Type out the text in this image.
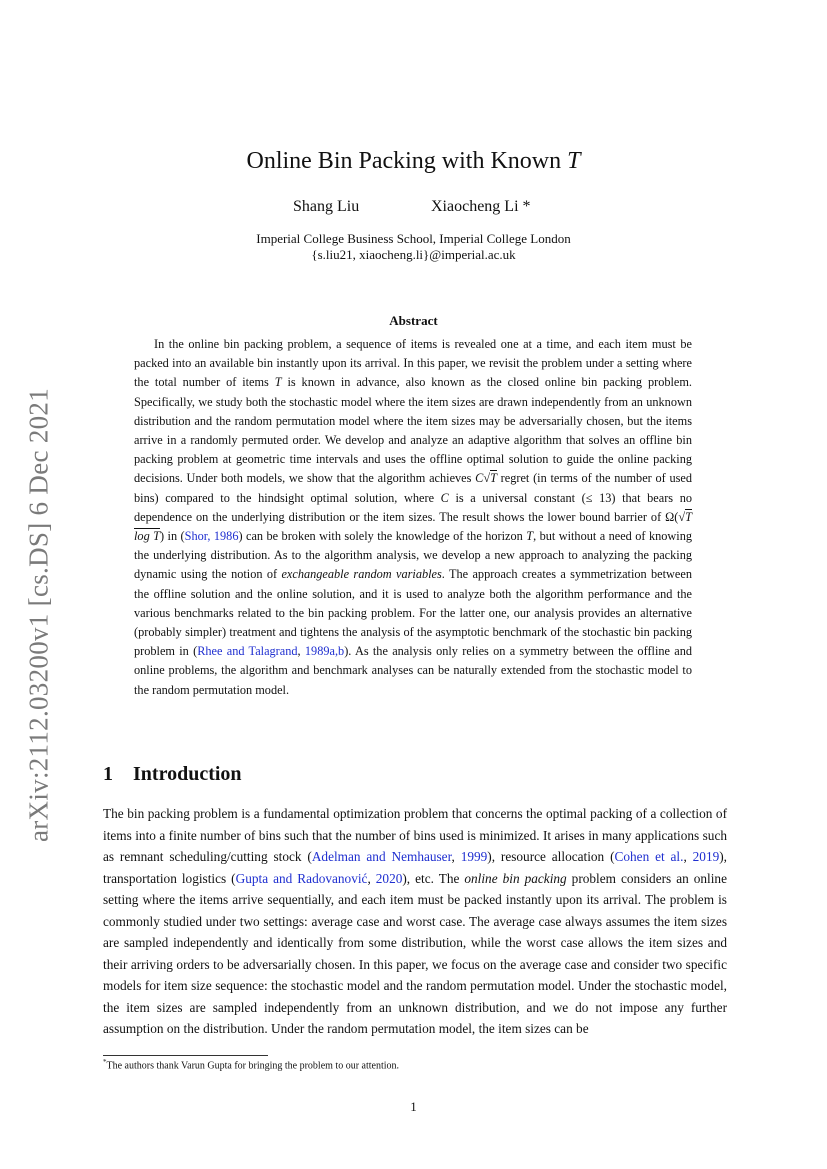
arXiv:2112.03200v1 [cs.DS] 6 Dec 2021
Online Bin Packing with Known T
Shang Liu	Xiaocheng Li *
Imperial College Business School, Imperial College London
{s.liu21, xiaocheng.li}@imperial.ac.uk
Abstract

In the online bin packing problem, a sequence of items is revealed one at a time, and each item must be packed into an available bin instantly upon its arrival. In this paper, we revisit the problem under a setting where the total number of items T is known in advance, also known as the closed online bin packing problem. Specifically, we study both the stochastic model where the item sizes are drawn independently from an unknown distribution and the random permutation model where the item sizes may be adversarially chosen, but the items arrive in a randomly permuted order. We develop and analyze an adaptive algorithm that solves an offline bin packing problem at geometric time intervals and uses the offline optimal solution to guide the online packing decisions. Under both models, we show that the algorithm achieves C√T regret (in terms of the number of used bins) compared to the hindsight optimal solution, where C is a universal constant (≤ 13) that bears no dependence on the underlying distribution or the item sizes. The result shows the lower bound barrier of Ω(√T log T) in (Shor, 1986) can be broken with solely the knowledge of the horizon T, but without a need of knowing the underlying distribution. As to the algorithm analysis, we develop a new approach to analyzing the packing dynamic using the notion of exchangeable random variables. The approach creates a symmetrization between the offline solution and the online solution, and it is used to analyze both the algorithm performance and the various benchmarks related to the bin packing problem. For the latter one, our analysis provides an alternative (probably simpler) treatment and tightens the analysis of the asymptotic benchmark of the stochastic bin packing problem in (Rhee and Talagrand, 1989a,b). As the analysis only relies on a symmetry between the offline and online problems, the algorithm and benchmark analyses can be naturally extended from the stochastic model to the random permutation model.

1 Introduction

The bin packing problem is a fundamental optimization problem that concerns the optimal packing of a collection of items into a finite number of bins such that the number of bins used is minimized. It arises in many applications such as remnant scheduling/cutting stock (Adelman and Nemhauser, 1999), resource allocation (Cohen et al., 2019), transportation logistics (Gupta and Radovanović, 2020), etc. The online bin packing problem considers an online setting where the items arrive sequentially, and each item must be packed instantly upon its arrival. The problem is commonly studied under two settings: average case and worst case. The average case always assumes the item sizes are sampled independently and identically from some distribution, while the worst case allows the item sizes and their arriving orders to be adversarially chosen. In this paper, we focus on the average case and consider two specific models for item size sequence: the stochastic model and the random permutation model. Under the stochastic model, the item sizes are sampled independently from an unknown distribution, and we do not impose any further assumption on the distribution. Under the random permutation model, the item sizes can be

*The authors thank Varun Gupta for bringing the problem to our attention.
1
